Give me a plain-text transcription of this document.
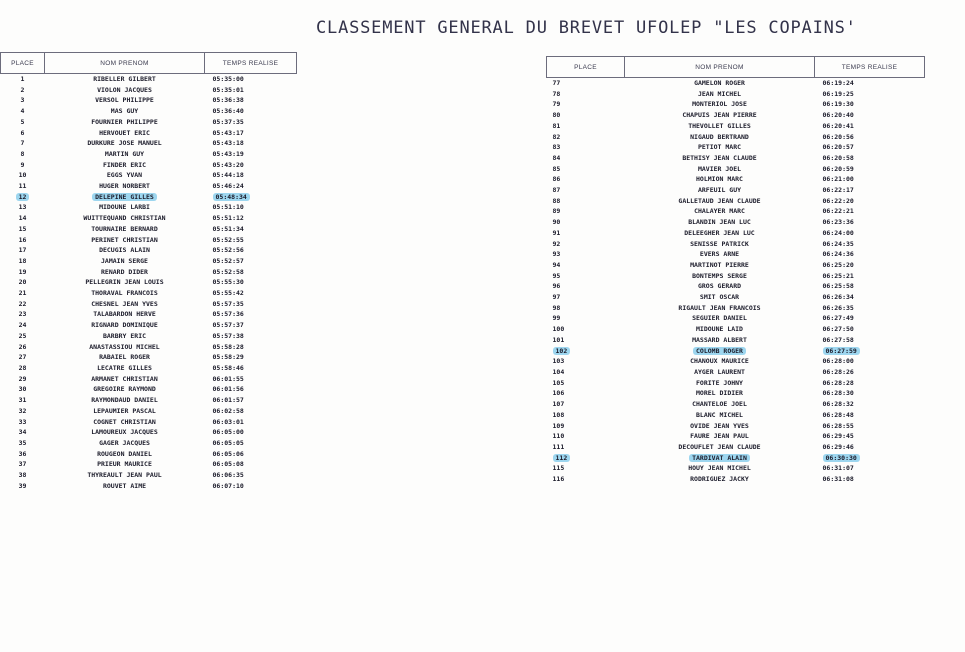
CLASSEMENT GENERAL DU BREVET UFOLEP "LES COPAINS'
PLACE	NOM PRENOM	TEMPS REALISE
1	RIBELLER GILBERT	05:35:00
2	VIOLON JACQUES	05:35:01
3	VERSOL PHILIPPE	05:36:38
4	MAS GUY	05:36:40
5	FOURNIER PHILIPPE	05:37:35
6	HERVOUET ERIC	05:43:17
7	DURKURE JOSE MANUEL	05:43:18
8	MARTIN GUY	05:43:19
9	FINDER ERIC	05:43:20
10	EGGS YVAN	05:44:18
11	HUGER NORBERT	05:46:24
12	DELEPINE GILLES	05:48:34
13	MIDOUNE LARBI	05:51:10
14	WUITTEQUAND CHRISTIAN	05:51:12
15	TOURNAIRE BERNARD	05:51:34
16	PERINET CHRISTIAN	05:52:55
17	DECUGIS ALAIN	05:52:56
18	JAMAIN SERGE	05:52:57
19	RENARD DIDER	05:52:58
20	PELLEGRIN JEAN LOUIS	05:55:30
21	THORAVAL FRANCOIS	05:55:42
22	CHESNEL JEAN YVES	05:57:35
23	TALABARDON HERVE	05:57:36
24	RIGNARD DOMINIQUE	05:57:37
25	BARBRY ERIC	05:57:38
26	ANASTASSIOU MICHEL	05:58:28
27	RABAIEL ROGER	05:58:29
28	LECATRE GILLES	05:58:46
29	ARMANET CHRISTIAN	06:01:55
30	GREGOIRE RAYMOND	06:01:56
31	RAYMONDAUD DANIEL	06:01:57
32	LEPAUMIER PASCAL	06:02:58
33	COGNET CHRISTIAN	06:03:01
34	LAMOUREUX JACQUES	06:05:00
35	GAGER JACQUES	06:05:05
36	ROUGEON DANIEL	06:05:06
37	PRIEUR MAURICE	06:05:08
38	THYREAULT JEAN PAUL	06:06:35
39	ROUVET AIME	06:07:10
PLACE	NOM PRENOM	TEMPS REALISE
77	GAMELON ROGER	06:19:24
78	JEAN MICHEL	06:19:25
79	MONTERIOL JOSE	06:19:30
80	CHAPUIS JEAN PIERRE	06:20:40
81	THEVOLLET GILLES	06:20:41
82	NIGAUD BERTRAND	06:20:56
83	PETIOT MARC	06:20:57
84	BETHISY JEAN CLAUDE	06:20:58
85	MAVIER JOEL	06:20:59
86	HOLMION MARC	06:21:00
87	ARFEUIL GUY	06:22:17
88	GALLETAUD JEAN CLAUDE	06:22:20
89	CHALAYER MARC	06:22:21
90	BLANDIN JEAN LUC	06:23:36
91	DELEEGHER JEAN LUC	06:24:00
92	SENISSE PATRICK	06:24:35
93	EVERS ARNE	06:24:36
94	MARTINOT PIERRE	06:25:20
95	BONTEMPS SERGE	06:25:21
96	GROS GERARD	06:25:58
97	SMIT OSCAR	06:26:34
98	RIGAULT JEAN FRANCOIS	06:26:35
99	SEGUIER DANIEL	06:27:49
100	MIDOUNE LAID	06:27:50
101	MASSARD ALBERT	06:27:58
102	COLOMB ROGER	06:27:59
103	CHANOUX MAURICE	06:28:00
104	AYGER LAURENT	06:28:26
105	FORITE JOHNY	06:28:28
106	MOREL DIDIER	06:28:30
107	CHANTELOE JOEL	06:28:32
108	BLANC MICHEL	06:28:48
109	OVIDE JEAN YVES	06:28:55
110	FAURE JEAN PAUL	06:29:45
111	DECOUFLET JEAN CLAUDE	06:29:46
112	TARDIVAT ALAIN	06:30:30
115	HOUY JEAN MICHEL	06:31:07
116	RODRIGUEZ JACKY	06:31:08
